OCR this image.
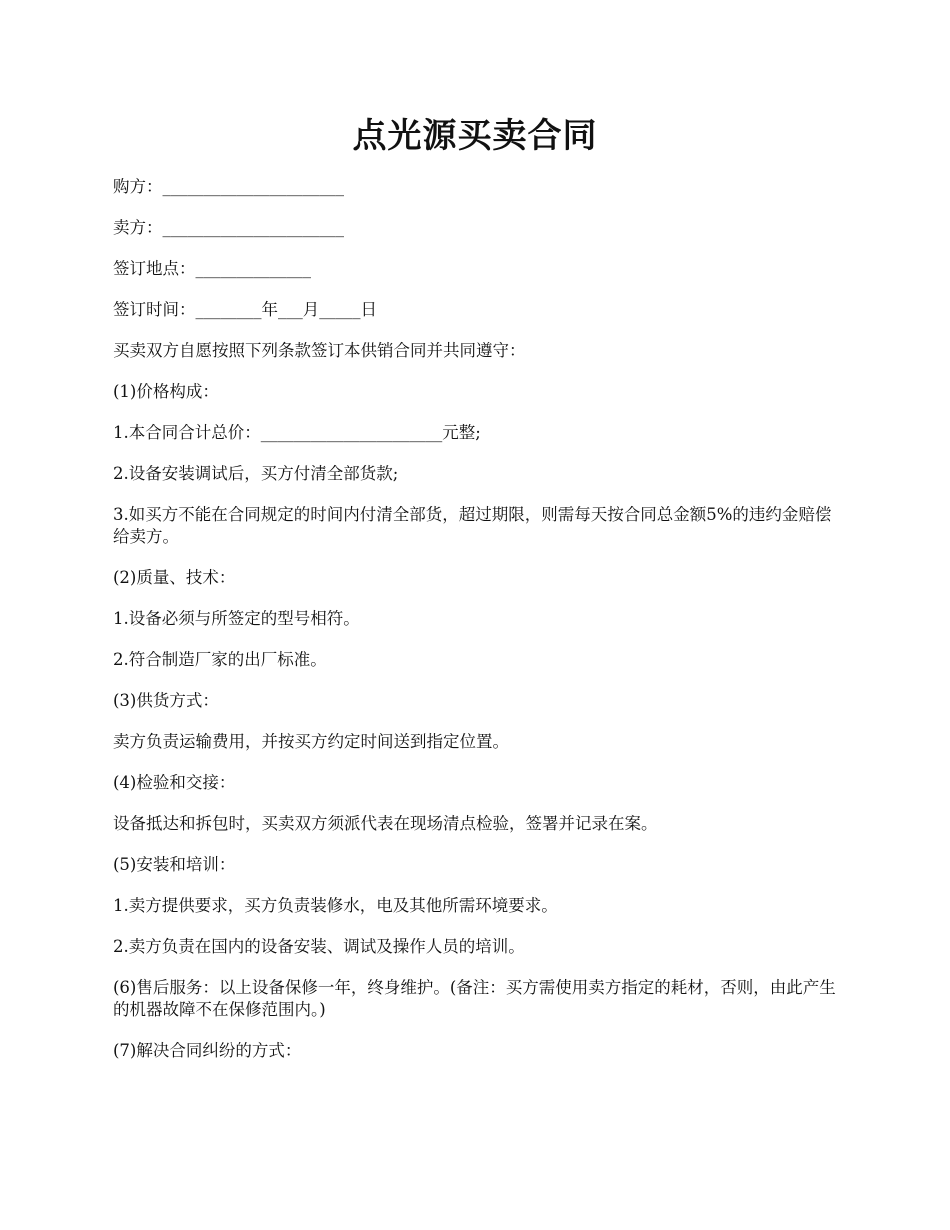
点光源买卖合同

购方：______________________

卖方：______________________

签订地点：______________

签订时间：________年___月_____日

买卖双方自愿按照下列条款签订本供销合同并共同遵守：

(1)价格构成：

1.本合同合计总价：______________________元整;

2.设备安装调试后，买方付清全部货款;

3.如买方不能在合同规定的时间内付清全部货，超过期限，则需每天按合同总金额5%的违约金赔偿给卖方。

(2)质量、技术：

1.设备必须与所签定的型号相符。

2.符合制造厂家的出厂标准。

(3)供货方式：

卖方负责运输费用，并按买方约定时间送到指定位置。

(4)检验和交接：

设备抵达和拆包时，买卖双方须派代表在现场清点检验，签署并记录在案。

(5)安装和培训：

1.卖方提供要求，买方负责装修水，电及其他所需环境要求。

2.卖方负责在国内的设备安装、调试及操作人员的培训。

(6)售后服务：以上设备保修一年，终身维护。(备注：买方需使用卖方指定的耗材，否则，由此产生的机器故障不在保修范围内。)

(7)解决合同纠纷的方式：
